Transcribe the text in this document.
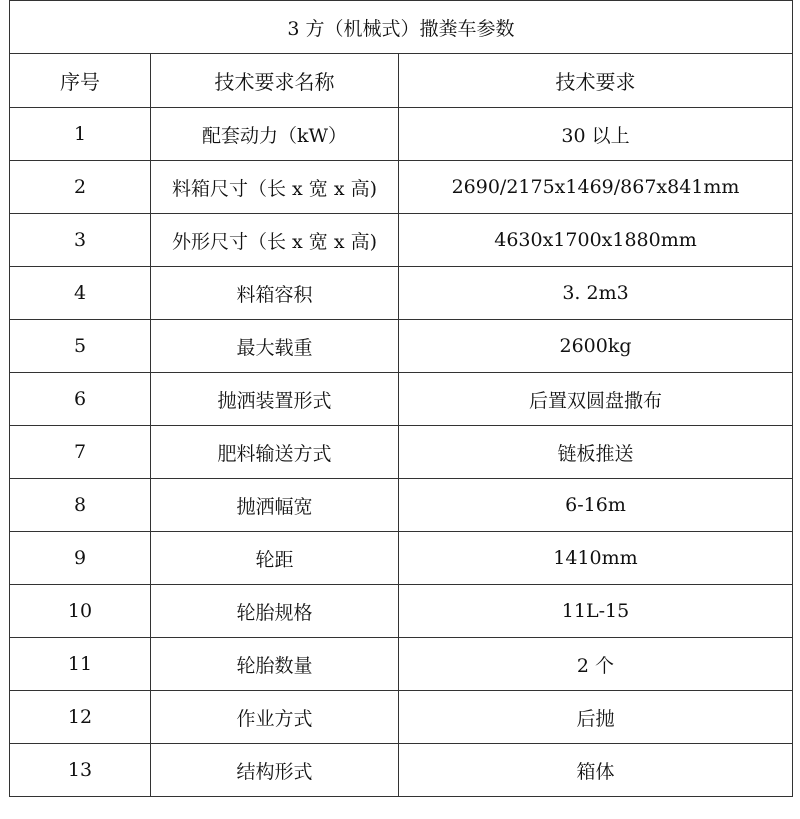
3 方（机械式）撒粪车参数		
序号	技术要求名称	技术要求
1	配套动力（kW）	30 以上
2	料箱尺寸（长 x 宽 x 高)	2690/2175x1469/867x841mm
3	外形尺寸（长 x 宽 x 高)	4630x1700x1880mm
4	料箱容积	3. 2m3
5	最大载重	2600kg
6	抛洒装置形式	后置双圆盘撒布
7	肥料输送方式	链板推送
8	抛洒幅宽	6-16m
9	轮距	1410mm
10	轮胎规格	11L-15
11	轮胎数量	2 个
12	作业方式	后抛
13	结构形式	箱体
